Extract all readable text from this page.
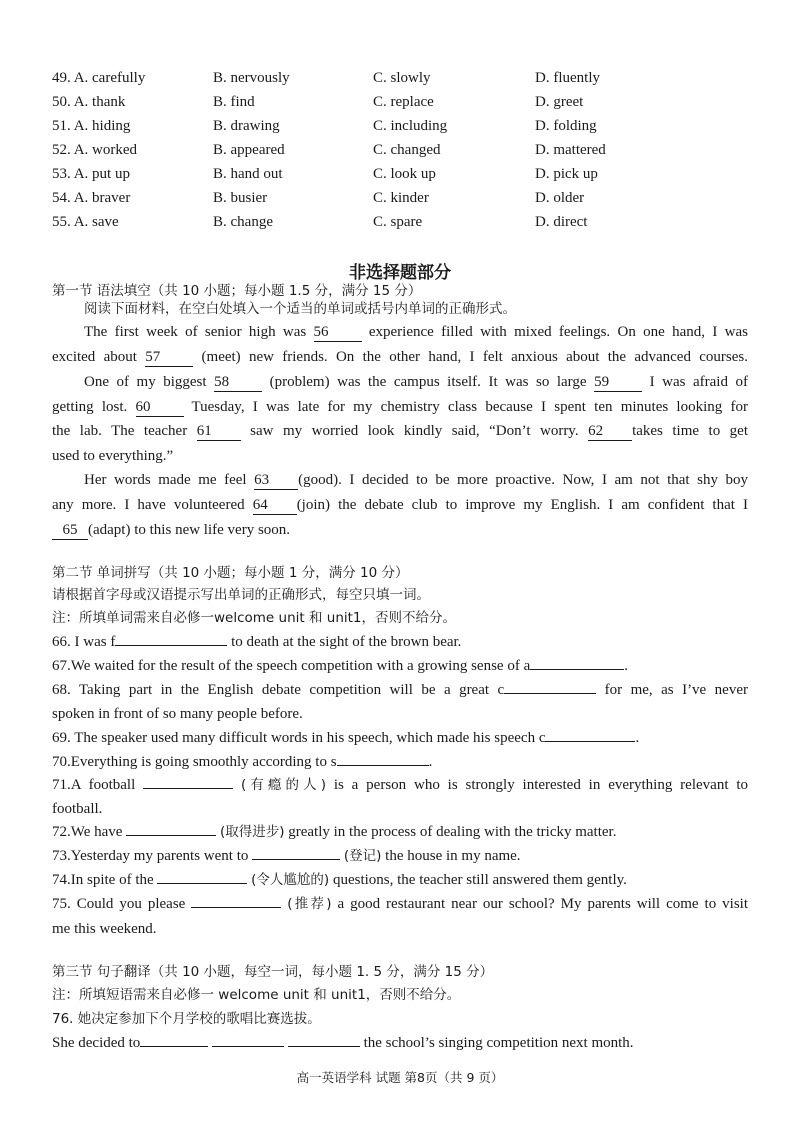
49. A. carefully	B. nervously	C. slowly	D. fluently
50. A. thank	B. find	C. replace	D. greet
51. A. hiding	B. drawing	C. including	D. folding
52. A. worked	B. appeared	C. changed	D. mattered
53. A. put up	B. hand out	C. look up	D. pick up
54. A. braver	B. busier	C. kinder	D. older
55. A. save	B. change	C. spare	D. direct
非选择题部分
第一节 语法填空（共 10 小题；每小题 1.5 分，满分 15 分）
阅读下面材料，在空白处填入一个适当的单词或括号内单词的正确形式。
The first week of senior high was 56 experience filled with mixed feelings. On one hand, I was
excited about 57 (meet) new friends. On the other hand, I felt anxious about the advanced courses.
One of my biggest 58 (problem) was the campus itself. It was so large 59 I was afraid of
getting lost. 60 Tuesday, I was late for my chemistry class because I spent ten minutes looking for
the lab. The teacher 61 saw my worried look kindly said, “Don’t worry. 62 takes time to get
used to everything.”
Her words made me feel 63 (good). I decided to be more proactive. Now, I am not that shy boy
any more. I have volunteered 64 (join) the debate club to improve my English. I am confident that I
65 (adapt) to this new life very soon.
第二节 单词拼写（共 10 小题；每小题 1 分，满分 10 分）
请根据首字母或汉语提示写出单词的正确形式，每空只填一词。
注：所填单词需来自必修一welcome unit 和 unit1，否则不给分。
66. I was f	to death at the sight of the brown bear.
67.We waited for the result of the speech competition with a growing sense of a	.
68. Taking part in the English debate competition will be a great c	for me, as I’ve never
spoken in front of so many people before.
69. The speaker used many difficult words in his speech, which made his speech c	.
70.Everything is going smoothly according to s	.
71.A football	(有瘾的人) is a person who is strongly interested in everything relevant to
football.
72.We have	(取得进步) greatly in the process of dealing with the tricky matter.
73.Yesterday my parents went to	(登记) the house in my name.
74.In spite of the	(令人尴尬的) questions, the teacher still answered them gently.
75. Could you please	(推荐) a good restaurant near our school? My parents will come to visit
me this weekend.
第三节 句子翻译（共 10 小题，每空一词，每小题 1. 5 分，满分 15 分）
注：所填短语需来自必修一 welcome unit 和 unit1，否则不给分。
76. 她决定参加下个月学校的歌唱比赛选拔。
She decided to	the school’s singing competition next month.
高一英语学科 试题 第8页（共 9 页）
